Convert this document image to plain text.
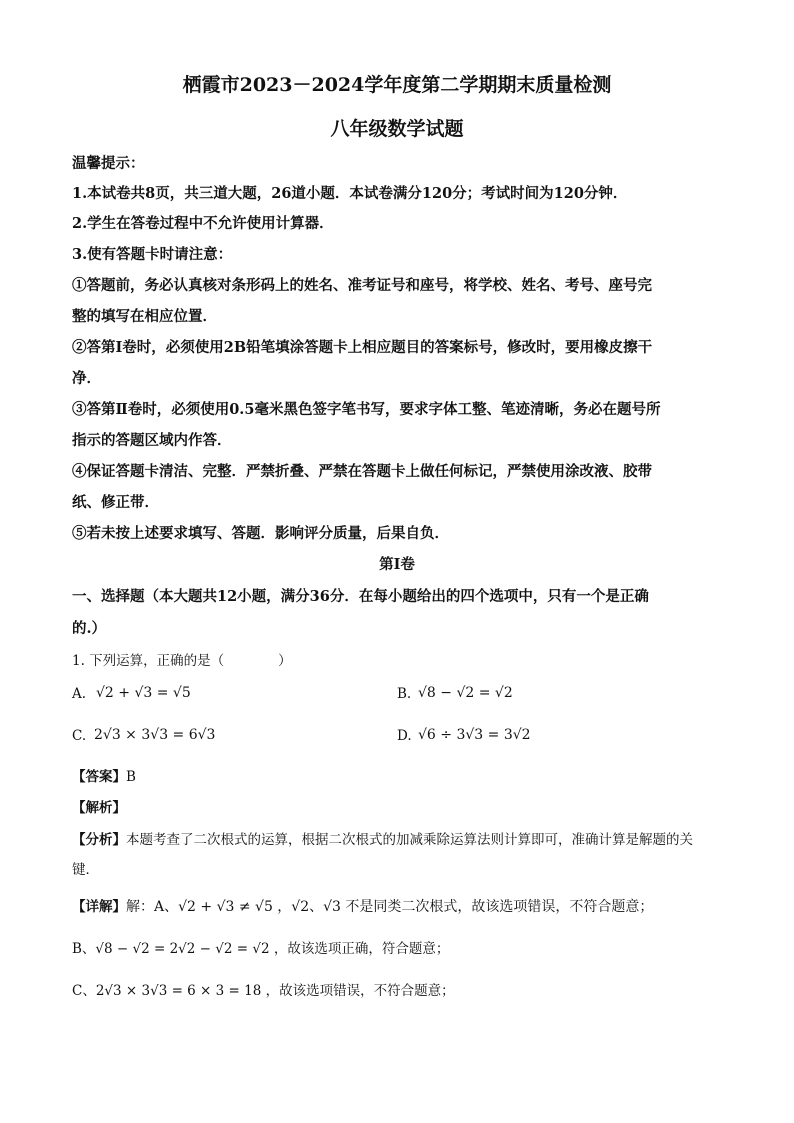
栖霞市2023－2024学年度第二学期期末质量检测
八年级数学试题
温馨提示：
1.本试卷共8页，共三道大题，26道小题．本试卷满分120分；考试时间为120分钟．
2.学生在答卷过程中不允许使用计算器．
3.使有答题卡时请注意：
①答题前，务必认真核对条形码上的姓名、准考证号和座号，将学校、姓名、考号、座号完
整的填写在相应位置．
②答第Ⅰ卷时，必须使用2B铅笔填涂答题卡上相应题目的答案标号，修改时，要用橡皮擦干
净．
③答第Ⅱ卷时，必须使用0.5毫米黑色签字笔书写，要求字体工整、笔迹清晰，务必在题号所
指示的答题区域内作答．
④保证答题卡清洁、完整．严禁折叠、严禁在答题卡上做任何标记，严禁使用涂改液、胶带
纸、修正带．
⑤若未按上述要求填写、答题．影响评分质量，后果自负．
第Ⅰ卷
一、选择题（本大题共12小题，满分36分．在每小题给出的四个选项中，只有一个是正确
的.）
1. 下列运算，正确的是（　　　　）
A. √2 + √3 = √5	B. √8 − √2 = √2
C. 2√3 × 3√3 = 6√3	D. √6 ÷ 3√3 = 3√2
【答案】B
【解析】
【分析】本题考查了二次根式的运算，根据二次根式的加减乘除运算法则计算即可，准确计算是解题的关
键．
【详解】解：A、√2 + √3 ≠ √5 ，√2、√3 不是同类二次根式，故该选项错误，不符合题意；
B、√8 − √2 = 2√2 − √2 = √2 ，故该选项正确，符合题意；
C、2√3 × 3√3 = 6 × 3 = 18 ，故该选项错误，不符合题意；
